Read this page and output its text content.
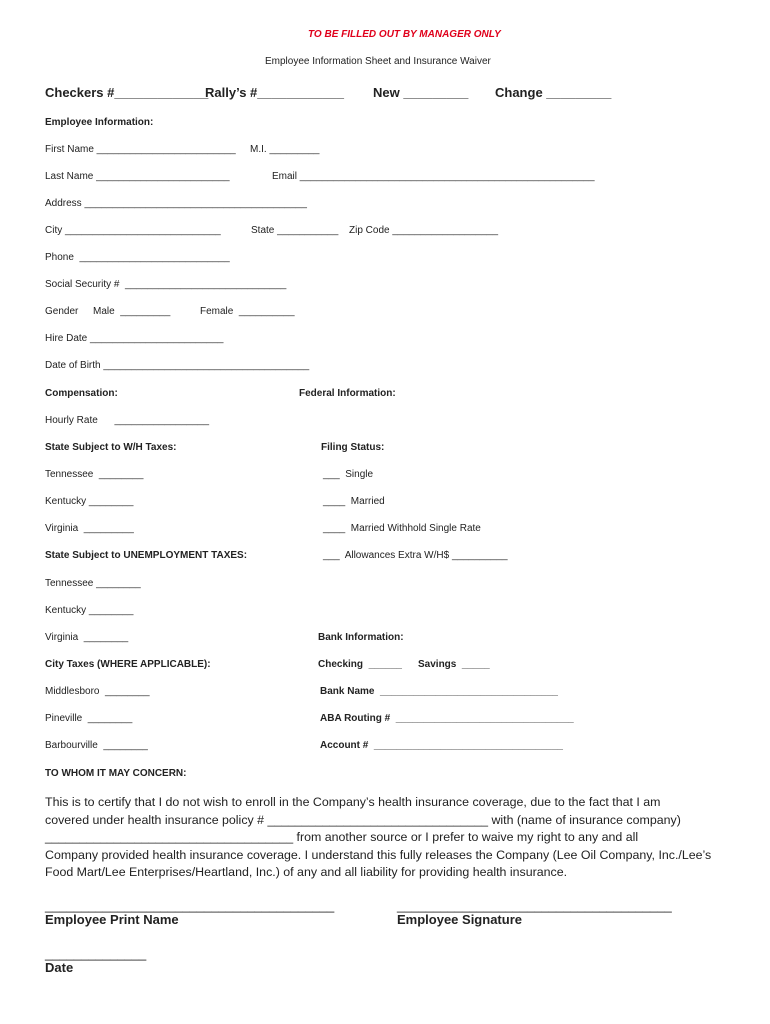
TO BE FILLED OUT BY MANAGER ONLY
Employee Information Sheet and Insurance Waiver
Checkers #_____________
Rally’s #____________ New _________ Change _________
Employee Information:
First Name _________________________ M.I. _________
Last Name ________________________	Email _____________________________________________________
Address ________________________________________
City ____________________________	State ___________ Zip Code ___________________
Phone  ___________________________
Social Security #  _____________________________
Gender Male  _________	Female  __________
Hire Date ________________________
Date of Birth _____________________________________
Compensation:	Federal Information:
Hourly Rate      _________________
State Subject to W/H Taxes:	Filing Status:
Tennessee  ________	___  Single
Kentucky ________	____  Married
Virginia  _________	____  Married Withhold Single Rate
State Subject to UNEMPLOYMENT TAXES:	___  Allowances Extra W/H$ __________
Tennessee ________
Kentucky ________
Virginia  ________	Bank Information:
City Taxes (WHERE APPLICABLE):	Checking  ______ Savings  _____
Middlesboro  ________	Bank Name  ________________________________
Pineville  ________	ABA Routing #  ________________________________
Barbourville  ________	Account #  __________________________________
TO WHOM IT MAY CONCERN:
This is to certify that I do not wish to enroll in the Company’s health insurance coverage, due to the fact that I am
covered under health insurance policy # ________________________________ with (name of insurance company)
____________________________________ from another source or I prefer to waive my right to any and all
Company provided health insurance coverage. I understand this fully releases the Company (Lee Oil Company, Inc./Lee’s
Food Mart/Lee Enterprises/Heartland, Inc.) of any and all liability for providing health insurance.
________________________________________
Employee Print Name
______________________________________
Employee Signature
______________
Date
